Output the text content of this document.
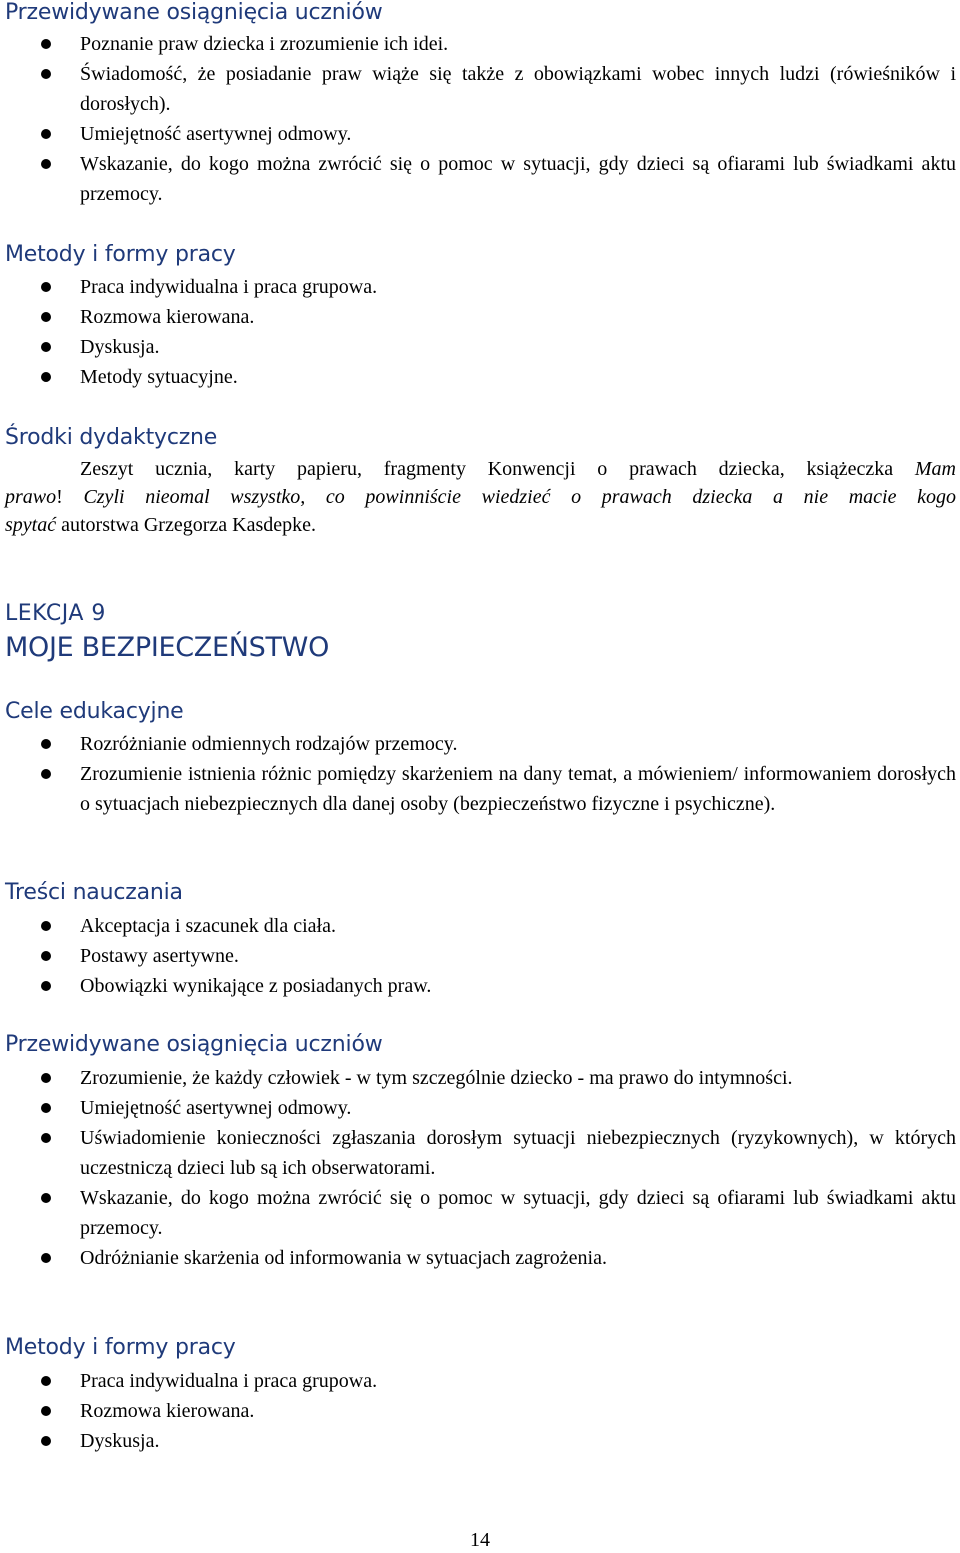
Przewidywane osiągnięcia uczniów
Poznanie praw dziecka i zrozumienie ich idei.
Świadomość, że posiadanie praw wiąże się także z obowiązkami wobec innych ludzi (rówieśników i dorosłych).
Umiejętność asertywnej odmowy.
Wskazanie, do kogo można zwrócić się o pomoc w sytuacji, gdy dzieci są ofiarami lub świadkami aktu przemocy.
Metody i formy pracy
Praca indywidualna i praca grupowa.
Rozmowa kierowana.
Dyskusja.
Metody sytuacyjne.
Środki dydaktyczne
Zeszyt ucznia, karty papieru, fragmenty Konwencji o prawach dziecka, książeczka Mam
prawo! Czyli nieomal wszystko, co powinniście wiedzieć o prawach dziecka a nie macie kogo
spytać autorstwa Grzegorza Kasdepke.
LEKCJA 9
MOJE BEZPIECZEŃSTWO
Cele edukacyjne
Rozróżnianie odmiennych rodzajów przemocy.
Zrozumienie istnienia różnic pomiędzy skarżeniem na dany temat, a mówieniem/ informowaniem dorosłych o sytuacjach niebezpiecznych dla danej osoby (bezpieczeństwo fizyczne i psychiczne).
Treści nauczania
Akceptacja i szacunek dla ciała.
Postawy asertywne.
Obowiązki wynikające z posiadanych praw.
Przewidywane osiągnięcia uczniów
Zrozumienie, że każdy człowiek - w tym szczególnie dziecko - ma prawo do intymności.
Umiejętność asertywnej odmowy.
Uświadomienie konieczności zgłaszania dorosłym sytuacji niebezpiecznych (ryzykownych), w których uczestniczą dzieci lub są ich obserwatorami.
Wskazanie, do kogo można zwrócić się o pomoc w sytuacji, gdy dzieci są ofiarami lub świadkami aktu przemocy.
Odróżnianie skarżenia od informowania w sytuacjach zagrożenia.
Metody i formy pracy
Praca indywidualna i praca grupowa.
Rozmowa kierowana.
Dyskusja.
14
